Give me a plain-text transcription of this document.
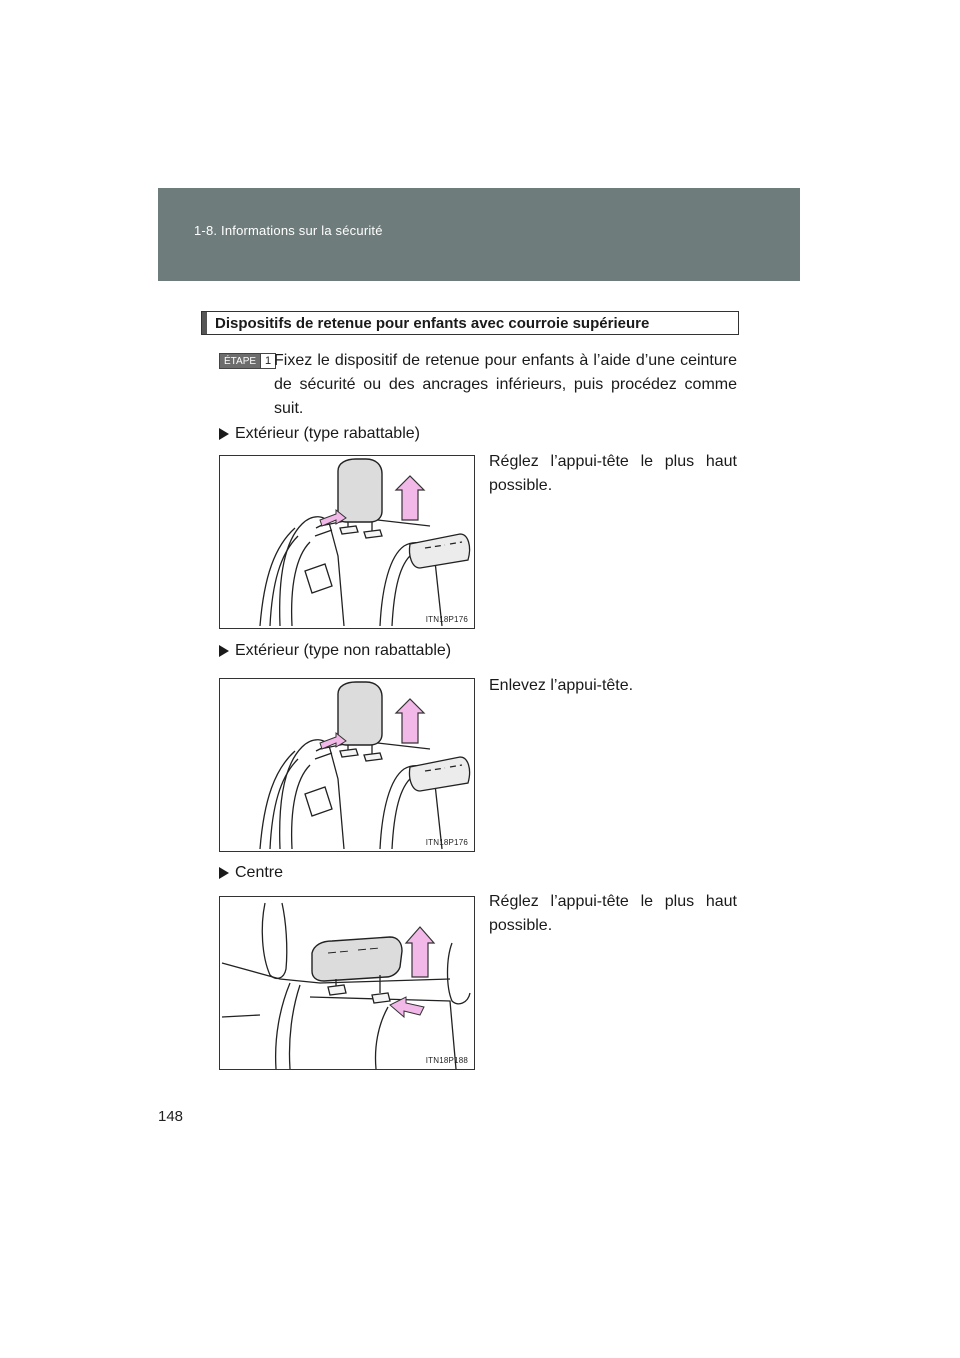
1-8. Informations sur la sécurité
Dispositifs de retenue pour enfants avec courroie supérieure
ÉTAPE 1 Fixez le dispositif de retenue pour enfants à l’aide d’une ceinture de sécurité ou des ancrages inférieurs, puis procédez comme suit.
Extérieur (type rabattable)
Réglez l’appui-tête le plus haut possible.
ITN18P176
Extérieur (type non rabattable)
Enlevez l’appui-tête.
ITN18P176
Centre
Réglez l’appui-tête le plus haut possible.
ITN18P188
148
